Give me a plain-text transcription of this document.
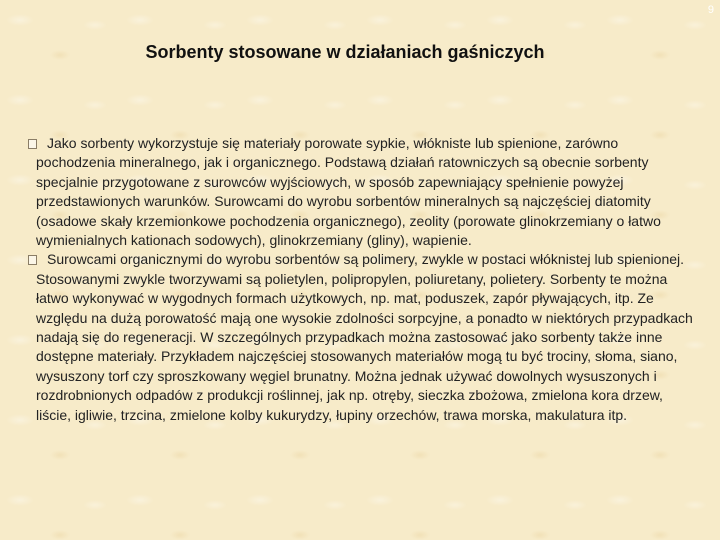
9
Sorbenty stosowane w działaniach gaśniczych

Jako sorbenty wykorzystuje się materiały porowate sypkie, włókniste lub spienione, zarówno pochodzenia mineralnego, jak i organicznego. Podstawą działań ratowniczych są obecnie sorbenty specjalnie przygotowane z surowców wyjściowych, w sposób zapewniający spełnienie powyżej przedstawionych warunków. Surowcami do wyrobu sorbentów mineralnych są najczęściej diatomity (osadowe skały krzemionkowe pochodzenia organicznego), zeolity (porowate glinokrzemiany o łatwo wymienialnych kationach sodowych), glinokrzemiany (gliny), wapienie.

Surowcami organicznymi do wyrobu sorbentów są polimery, zwykle w postaci włóknistej lub spienionej. Stosowanymi zwykle tworzywami są polietylen, polipropylen, poliuretany, polietery. Sorbenty te można łatwo wykonywać w wygodnych formach użytkowych, np. mat, poduszek, zapór pływających, itp. Ze względu na dużą porowatość mają one wysokie zdolności sorpcyjne, a ponadto w niektórych przypadkach nadają się do regeneracji. W szczególnych przypadkach można zastosować jako sorbenty także inne dostępne materiały. Przykładem najczęściej stosowanych materiałów mogą tu być trociny, słoma, siano, wysuszony torf czy sproszkowany węgiel brunatny. Można jednak używać dowolnych wysuszonych i rozdrobnionych odpadów z produkcji roślinnej, jak np. otręby, sieczka zbożowa, zmielona kora drzew, liście, igliwie, trzcina, zmielone kolby kukurydzy, łupiny orzechów, trawa morska, makulatura itp.
